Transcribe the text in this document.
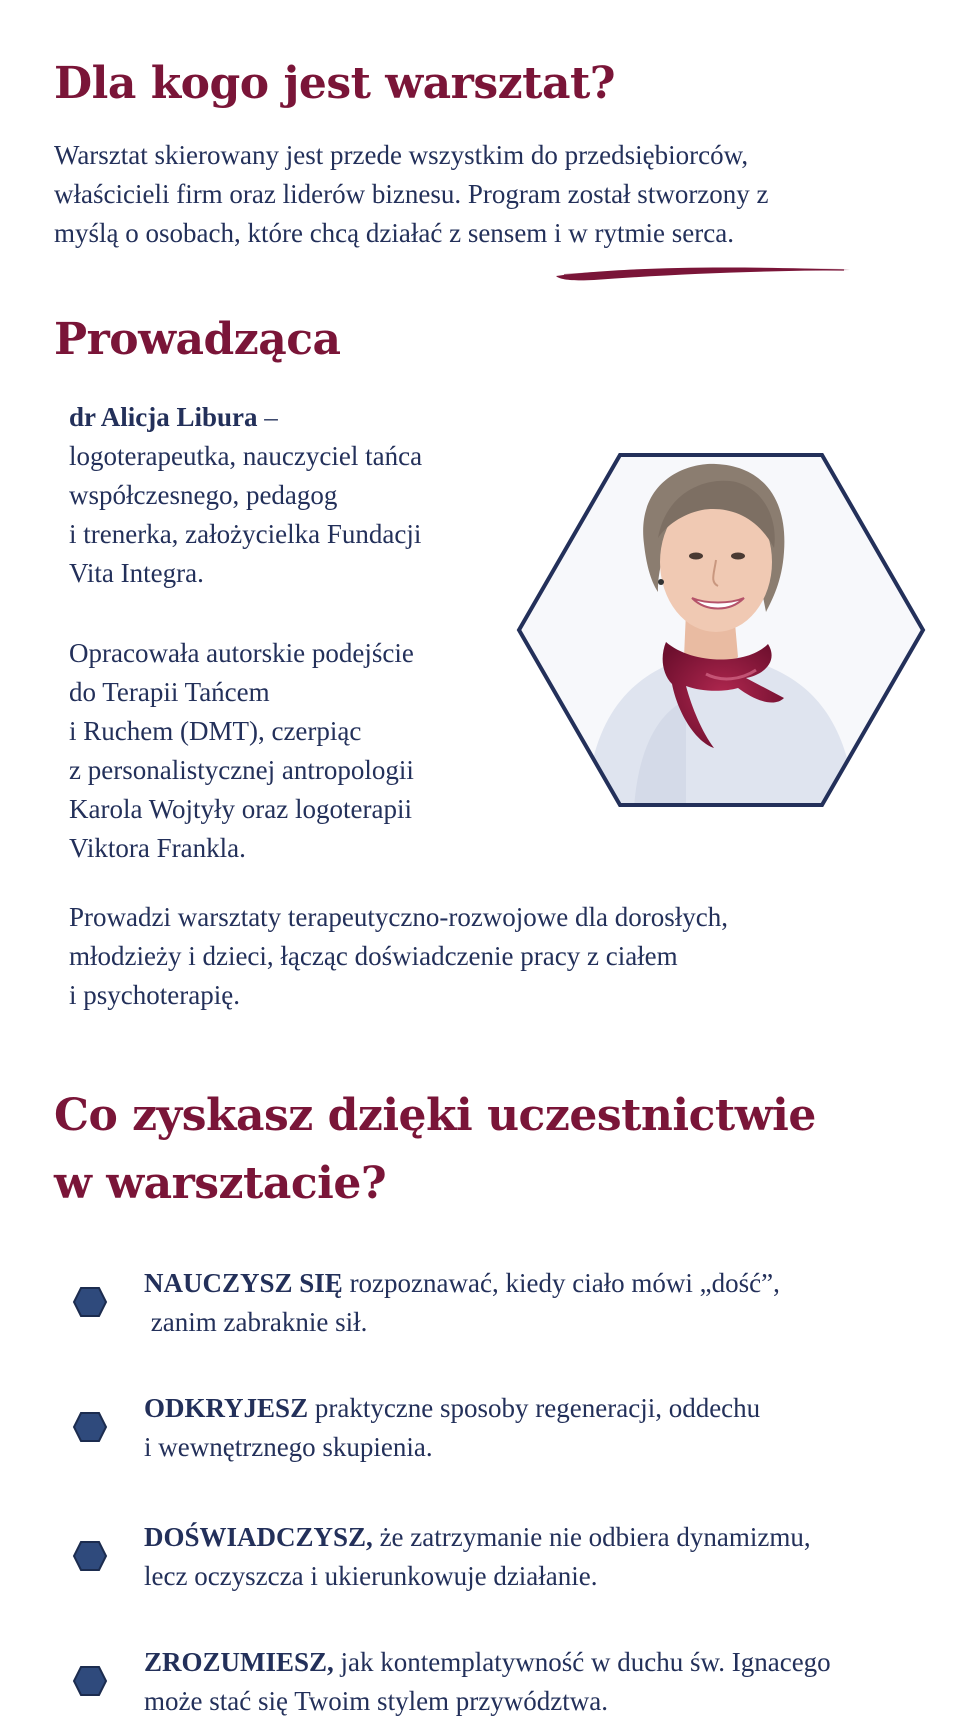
Dla kogo jest warsztat?

Warsztat skierowany jest przede wszystkim do przedsiębiorców,
właścicieli firm oraz liderów biznesu. Program został stworzony z
myślą o osobach, które chcą działać z sensem i w rytmie serca.

Prowadząca

dr Alicja Libura –
logoterapeutka, nauczyciel tańca
współczesnego, pedagog
i trenerka, założycielka Fundacji
Vita Integra.

Opracowała autorskie podejście
do Terapii Tańcem
i Ruchem (DMT), czerpiąc
z personalistycznej antropologii
Karola Wojtyły oraz logoterapii
Viktora Frankla.

Prowadzi warsztaty terapeutyczno-rozwojowe dla dorosłych,
młodzieży i dzieci, łącząc doświadczenie pracy z ciałem
i psychoterapię.

Co zyskasz dzięki uczestnictwie
w warsztacie?

NAUCZYSZ SIĘ rozpoznawać, kiedy ciało mówi „dość”,
zanim zabraknie sił.

ODKRYJESZ praktyczne sposoby regeneracji, oddechu
i wewnętrznego skupienia.

DOŚWIADCZYSZ, że zatrzymanie nie odbiera dynamizmu,
lecz oczyszcza i ukierunkowuje działanie.

ZROZUMIESZ, jak kontemplatywność w duchu św. Ignacego
może stać się Twoim stylem przywództwa.
